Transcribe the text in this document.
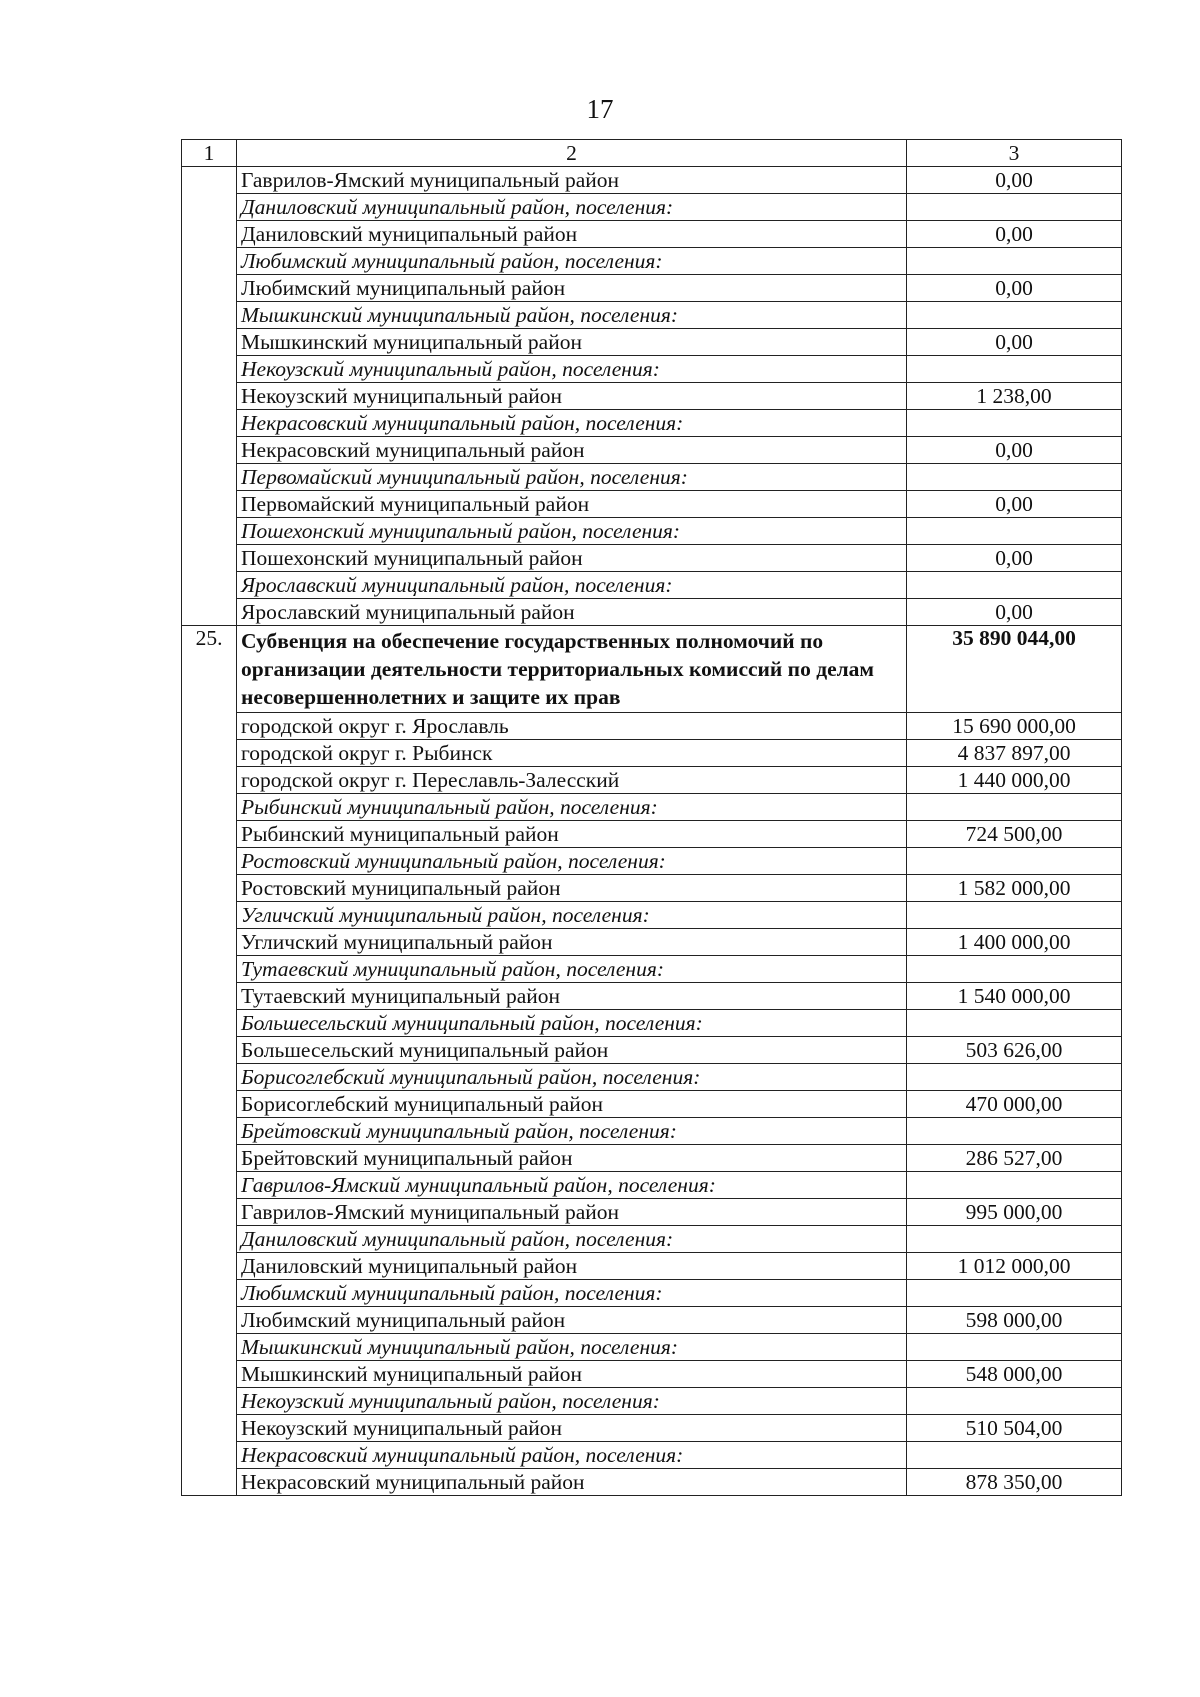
17
1	2	3
	Гаврилов-Ямский муниципальный район	0,00
	Даниловский муниципальный район, поселения:	
	Даниловский муниципальный район	0,00
	Любимский муниципальный район, поселения:	
	Любимский муниципальный район	0,00
	Мышкинский муниципальный район, поселения:	
	Мышкинский муниципальный район	0,00
	Некоузский муниципальный район, поселения:	
	Некоузский муниципальный район	1 238,00
	Некрасовский муниципальный район, поселения:	
	Некрасовский муниципальный район	0,00
	Первомайский муниципальный район, поселения:	
	Первомайский муниципальный район	0,00
	Пошехонский муниципальный район, поселения:	
	Пошехонский муниципальный район	0,00
	Ярославский муниципальный район, поселения:	
	Ярославский муниципальный район	0,00
25.	Субвенция на обеспечение государственных полномочий по организации деятельности территориальных комиссий по делам несовершеннолетних и защите их прав	35 890 044,00
	городской округ г. Ярославль	15 690 000,00
	городской округ г. Рыбинск	4 837 897,00
	городской округ г. Переславль-Залесский	1 440 000,00
	Рыбинский муниципальный район, поселения:	
	Рыбинский муниципальный район	724 500,00
	Ростовский муниципальный район, поселения:	
	Ростовский муниципальный район	1 582 000,00
	Угличский муниципальный район, поселения:	
	Угличский муниципальный район	1 400 000,00
	Тутаевский муниципальный район, поселения:	
	Тутаевский муниципальный район	1 540 000,00
	Большесельский муниципальный район, поселения:	
	Большесельский муниципальный район	503 626,00
	Борисоглебский муниципальный район, поселения:	
	Борисоглебский муниципальный район	470 000,00
	Брейтовский муниципальный район, поселения:	
	Брейтовский муниципальный район	286 527,00
	Гаврилов-Ямский муниципальный район, поселения:	
	Гаврилов-Ямский муниципальный район	995 000,00
	Даниловский муниципальный район, поселения:	
	Даниловский муниципальный район	1 012 000,00
	Любимский муниципальный район, поселения:	
	Любимский муниципальный район	598 000,00
	Мышкинский муниципальный район, поселения:	
	Мышкинский муниципальный район	548 000,00
	Некоузский муниципальный район, поселения:	
	Некоузский муниципальный район	510 504,00
	Некрасовский муниципальный район, поселения:	
	Некрасовский муниципальный район	878 350,00
